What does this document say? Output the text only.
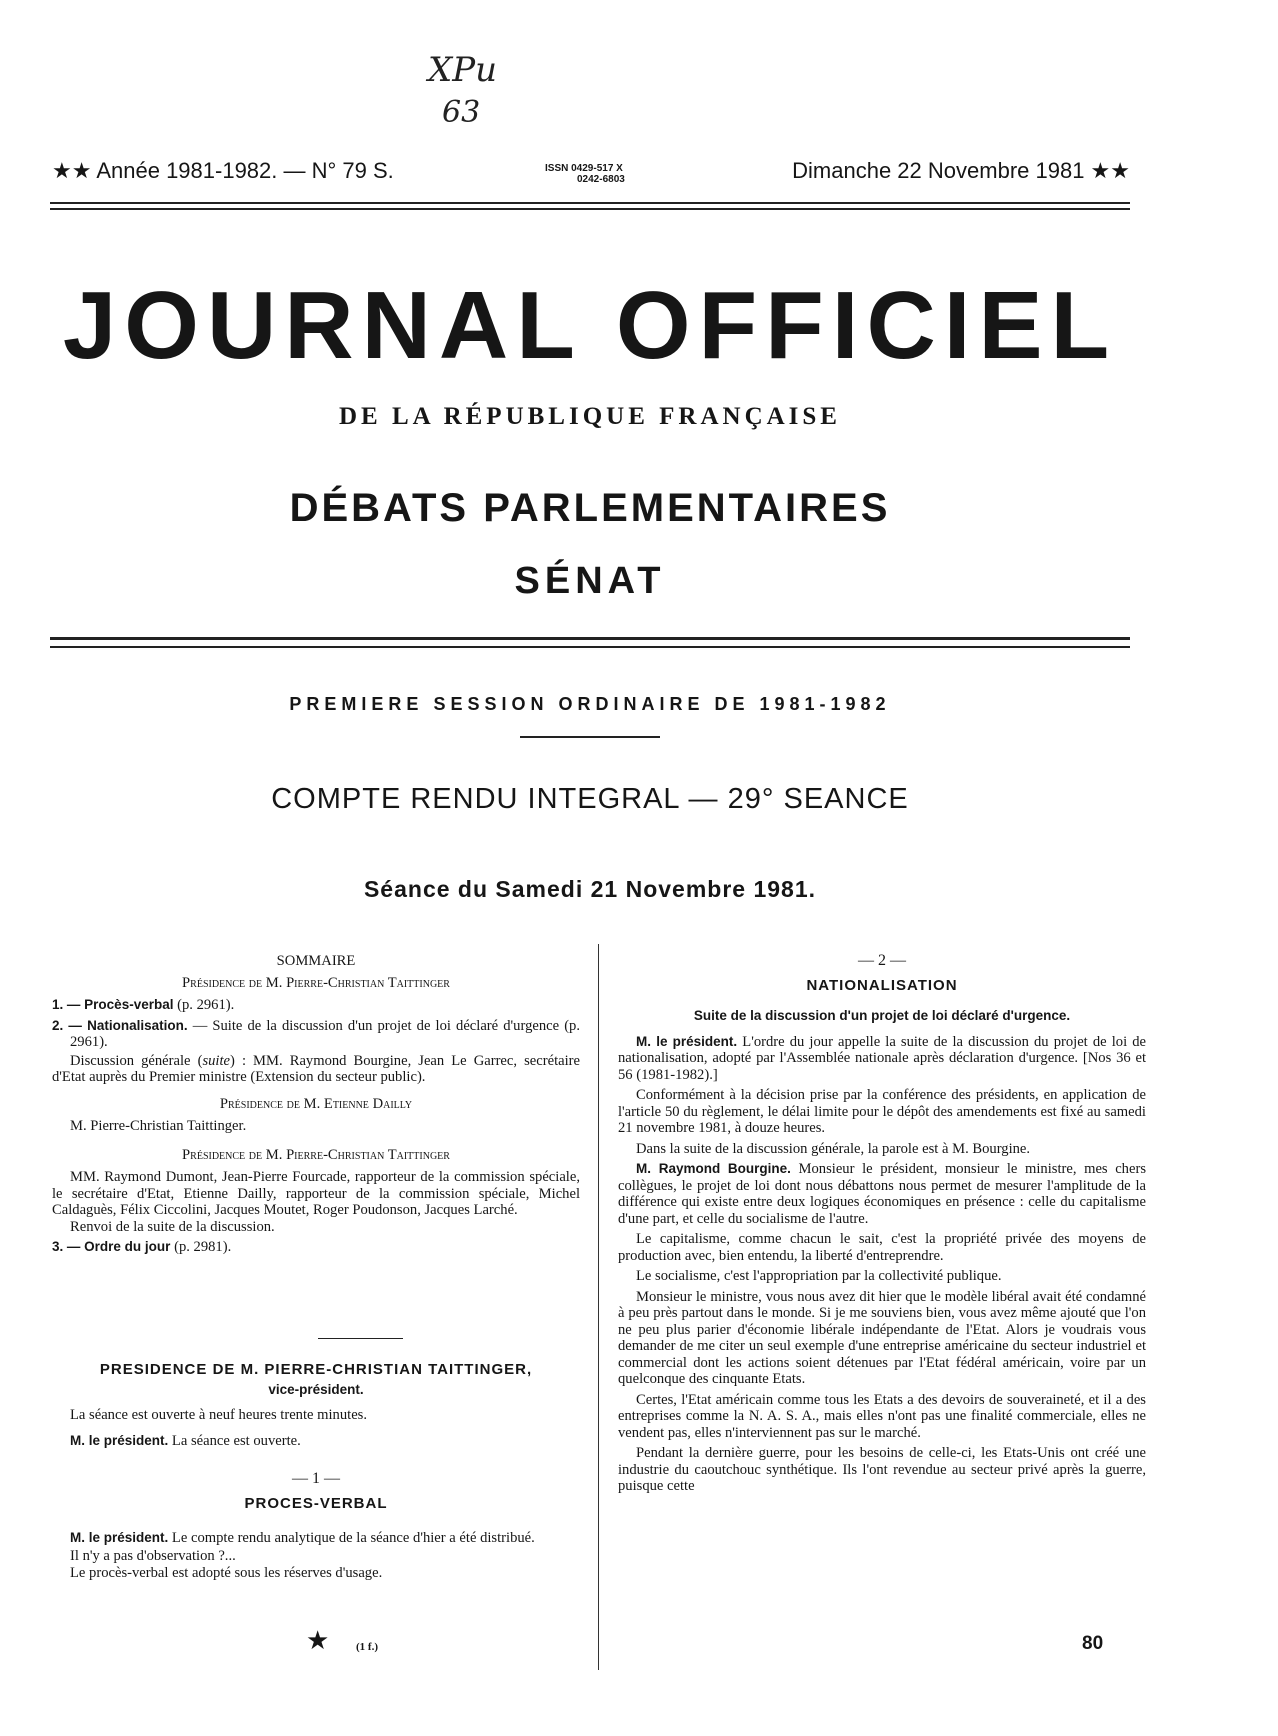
XPu
63
★★ Année 1981-1982. — N° 79 S.	ISSN 0429-517 X
0242-6803	Dimanche 22 Novembre 1981 ★★
JOURNAL OFFICIEL
DE LA RÉPUBLIQUE FRANÇAISE
DÉBATS PARLEMENTAIRES
SÉNAT
PREMIERE SESSION ORDINAIRE DE 1981-1982
COMPTE RENDU INTEGRAL — 29° SEANCE
Séance du Samedi 21 Novembre 1981.

SOMMAIRE

Présidence de M. Pierre-Christian Taittinger

1. — Procès-verbal (p. 2961).

2. — Nationalisation. — Suite de la discussion d'un projet de loi déclaré d'urgence (p. 2961).

Discussion générale (suite) : MM. Raymond Bourgine, Jean Le Garrec, secrétaire d'Etat auprès du Premier ministre (Extension du secteur public).

Présidence de M. Etienne Dailly

M. Pierre-Christian Taittinger.

Présidence de M. Pierre-Christian Taittinger

MM. Raymond Dumont, Jean-Pierre Fourcade, rapporteur de la commission spéciale, le secrétaire d'Etat, Etienne Dailly, rapporteur de la commission spéciale, Michel Caldaguès, Félix Ciccolini, Jacques Moutet, Roger Poudonson, Jacques Larché.

Renvoi de la suite de la discussion.

3. — Ordre du jour (p. 2981).

PRESIDENCE DE M. PIERRE-CHRISTIAN TAITTINGER,

vice-président.

La séance est ouverte à neuf heures trente minutes.

M. le président. La séance est ouverte.

— 1 —

PROCES-VERBAL

M. le président. Le compte rendu analytique de la séance d'hier a été distribué.

Il n'y a pas d'observation ?...

Le procès-verbal est adopté sous les réserves d'usage.

★ (1 f.)

— 2 —

NATIONALISATION

Suite de la discussion d'un projet de loi déclaré d'urgence.

M. le président. L'ordre du jour appelle la suite de la discussion du projet de loi de nationalisation, adopté par l'Assemblée nationale après déclaration d'urgence. [Nos 36 et 56 (1981-1982).]

Conformément à la décision prise par la conférence des présidents, en application de l'article 50 du règlement, le délai limite pour le dépôt des amendements est fixé au samedi 21 novembre 1981, à douze heures.

Dans la suite de la discussion générale, la parole est à M. Bourgine.

M. Raymond Bourgine. Monsieur le président, monsieur le ministre, mes chers collègues, le projet de loi dont nous débattons nous permet de mesurer l'amplitude de la différence qui existe entre deux logiques économiques en présence : celle du capitalisme d'une part, et celle du socialisme de l'autre.

Le capitalisme, comme chacun le sait, c'est la propriété privée des moyens de production avec, bien entendu, la liberté d'entreprendre.

Le socialisme, c'est l'appropriation par la collectivité publique.

Monsieur le ministre, vous nous avez dit hier que le modèle libéral avait été condamné à peu près partout dans le monde. Si je me souviens bien, vous avez même ajouté que l'on ne peu plus parier d'économie libérale indépendante de l'Etat. Alors je voudrais vous demander de me citer un seul exemple d'une entreprise américaine du secteur industriel et commercial dont les actions soient détenues par l'Etat fédéral américain, voire par un quelconque des cinquante Etats.

Certes, l'Etat américain comme tous les Etats a des devoirs de souveraineté, et il a des entreprises comme la N. A. S. A., mais elles n'ont pas une finalité commerciale, elles ne vendent pas, elles n'interviennent pas sur le marché.

Pendant la dernière guerre, pour les besoins de celle-ci, les Etats-Unis ont créé une industrie du caoutchouc synthétique. Ils l'ont revendue au secteur privé après la guerre, puisque cette

80
